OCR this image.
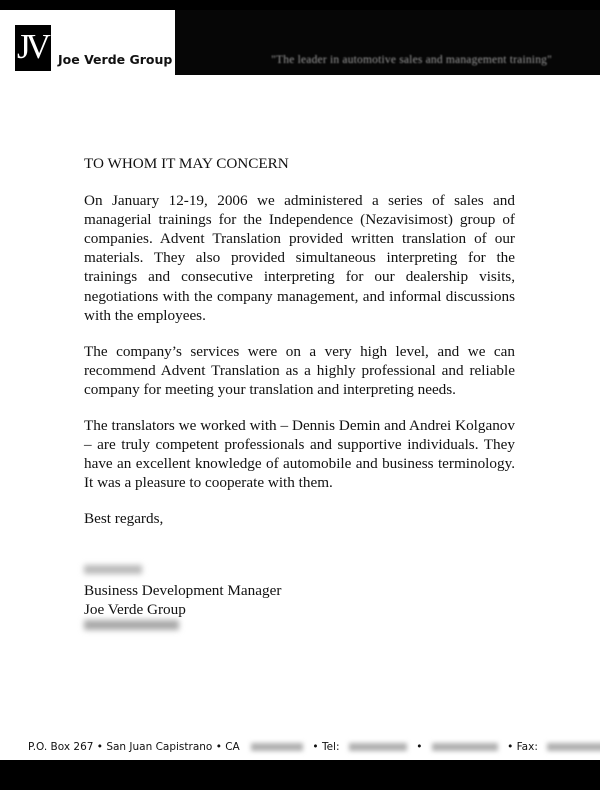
"The leader in automotive sales and management training"
JV Joe Verde Group

TO WHOM IT MAY CONCERN

On January 12-19, 2006 we administered a series of sales and managerial trainings for the Independence (Nezavisimost) group of companies. Advent Translation provided written translation of our materials. They also provided simultaneous interpreting for the trainings and consecutive interpreting for our dealership visits, negotiations with the company management, and informal discussions with the employees.

The company’s services were on a very high level, and we can recommend Advent Translation as a highly professional and reliable company for meeting your translation and interpreting needs.

The translators we worked with – Dennis Demin and Andrei Kolganov – are truly competent professionals and supportive individuals. They have an excellent knowledge of automobile and business terminology. It was a pleasure to cooperate with them.

Best regards,

Business Development Manager
Joe Verde Group
P.O. Box 267 • San Juan Capistrano • CA	• Tel:	•	• Fax:
